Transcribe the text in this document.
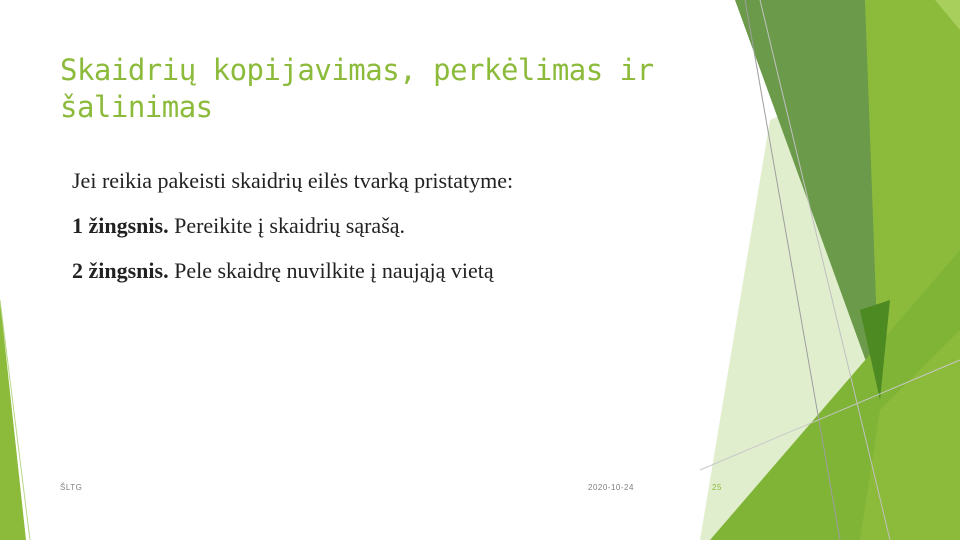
Skaidrių kopijavimas, perkėlimas ir
šalinimas
Jei reikia pakeisti skaidrių eilės tvarką pristatyme:
1 žingsnis. Pereikite į skaidrių sąrašą.
2 žingsnis. Pele skaidrę nuvilkite į naująją vietą
ŠLTG	2020-10-24	25
